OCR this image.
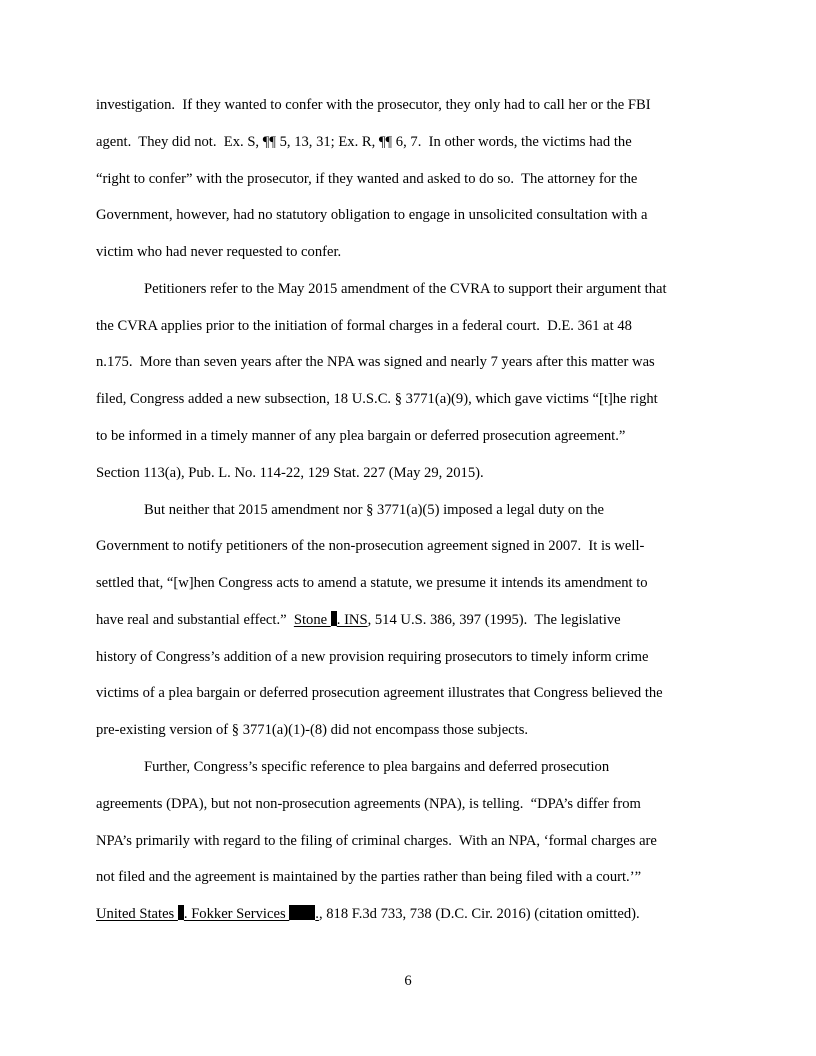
investigation.  If they wanted to confer with the prosecutor, they only had to call her or the FBI
agent.  They did not.  Ex. S, ¶¶ 5, 13, 31; Ex. R, ¶¶ 6, 7.  In other words, the victims had the
“right to confer” with the prosecutor, if they wanted and asked to do so.  The attorney for the
Government, however, had no statutory obligation to engage in unsolicited consultation with a
victim who had never requested to confer.
Petitioners refer to the May 2015 amendment of the CVRA to support their argument that
the CVRA applies prior to the initiation of formal charges in a federal court.  D.E. 361 at 48
n.175.  More than seven years after the NPA was signed and nearly 7 years after this matter was
filed, Congress added a new subsection, 18 U.S.C. § 3771(a)(9), which gave victims “[t]he right
to be informed in a timely manner of any plea bargain or deferred prosecution agreement.”
Section 113(a), Pub. L. No. 114-22, 129 Stat. 227 (May 29, 2015).
But neither that 2015 amendment nor § 3771(a)(5) imposed a legal duty on the
Government to notify petitioners of the non-prosecution agreement signed in 2007.  It is well-
settled that, “[w]hen Congress acts to amend a statute, we presume it intends its amendment to
have real and substantial effect.”  Stone . INS, 514 U.S. 386, 397 (1995).  The legislative
history of Congress’s addition of a new provision requiring prosecutors to timely inform crime
victims of a plea bargain or deferred prosecution agreement illustrates that Congress believed the
pre-existing version of § 3771(a)(1)-(8) did not encompass those subjects.
Further, Congress’s specific reference to plea bargains and deferred prosecution
agreements (DPA), but not non-prosecution agreements (NPA), is telling.  “DPA’s differ from
NPA’s primarily with regard to the filing of criminal charges.  With an NPA, ‘formal charges are
not filed and the agreement is maintained by the parties rather than being filed with a court.’”
United States . Fokker Services ., 818 F.3d 733, 738 (D.C. Cir. 2016) (citation omitted).
6
